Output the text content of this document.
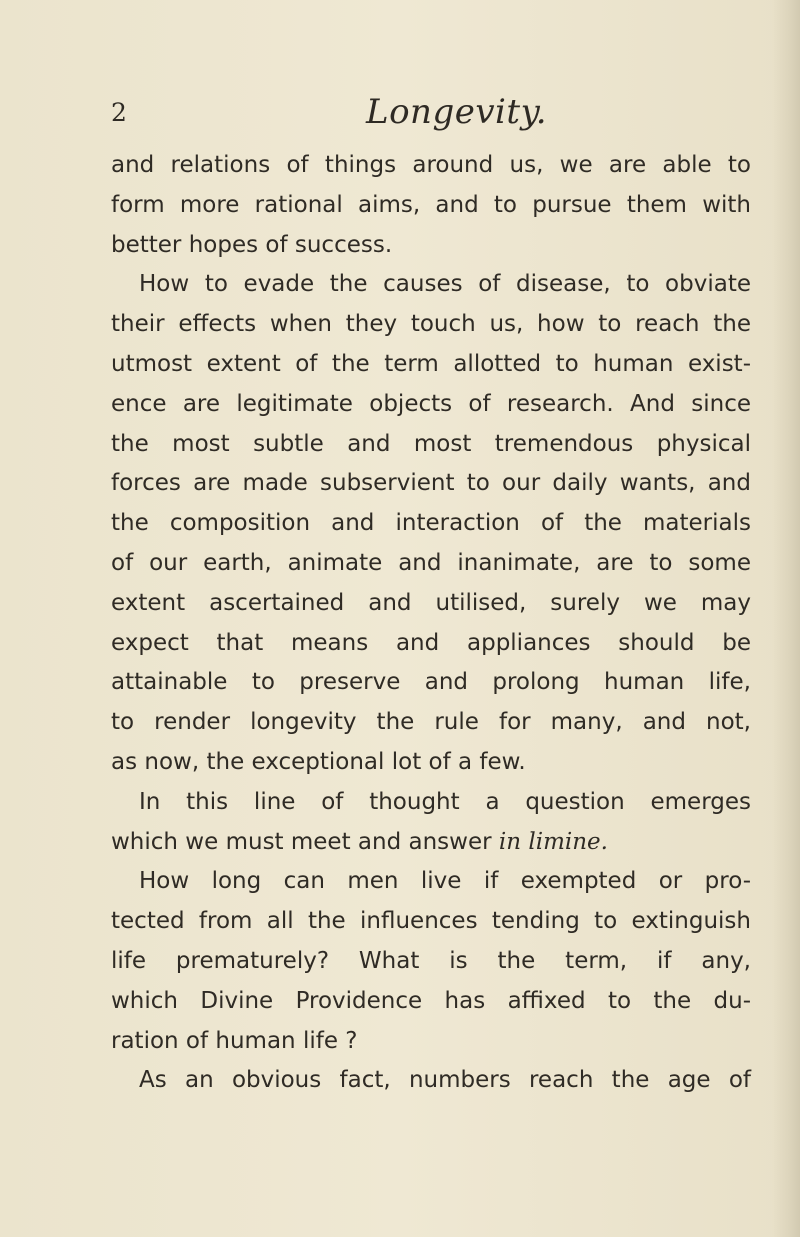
2	Longevity.
and relations of things around us, we are able to
form more rational aims, and to pursue them with
better hopes of success.
How to evade the causes of disease, to obviate
their effects when they touch us, how to reach the
utmost extent of the term allotted to human exist-
ence are legitimate objects of research. And since
the most subtle and most tremendous physical
forces are made subservient to our daily wants, and
the composition and interaction of the materials
of our earth, animate and inanimate, are to some
extent ascertained and utilised, surely we may
expect that means and appliances should be
attainable to preserve and prolong human life,
to render longevity the rule for many, and not,
as now, the exceptional lot of a few.
In this line of thought a question emerges
which we must meet and answer in limine.
How long can men live if exempted or pro-
tected from all the influences tending to extinguish
life prematurely? What is the term, if any,
which Divine Providence has affixed to the du-
ration of human life ?
As an obvious fact, numbers reach the age of
